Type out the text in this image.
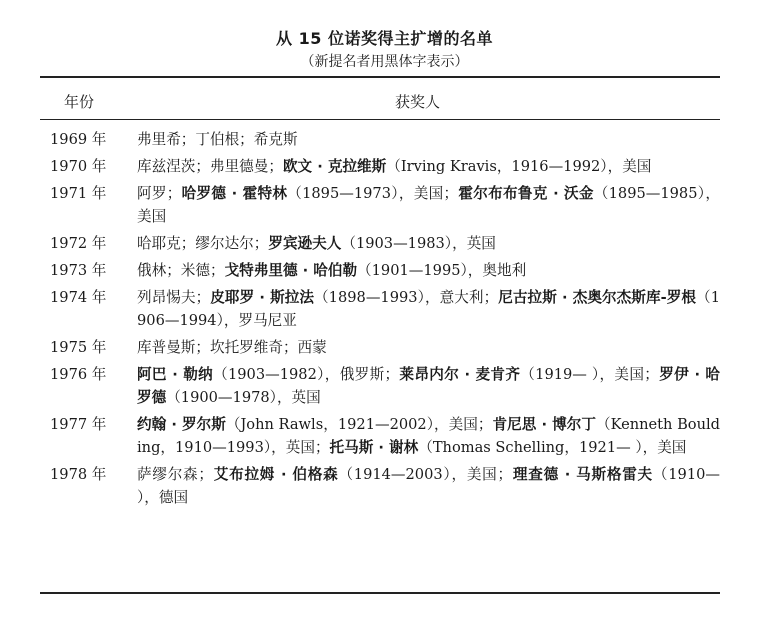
从 15 位诺奖得主扩增的名单
（新提名者用黑体字表示）
年份	获奖人
1969 年	弗里希；丁伯根；希克斯
1970 年	库兹涅茨；弗里德曼；欧文 · 克拉维斯（Irving Kravis，1916—1992），美国
1971 年	阿罗；哈罗德 · 霍特林（1895—1973），美国；霍尔布布鲁克 · 沃金（1895—1985），美国
1972 年	哈耶克；缪尔达尔；罗宾逊夫人（1903—1983），英国
1973 年	俄林；米德；戈特弗里德 · 哈伯勒（1901—1995），奥地利
1974 年	列昂惕夫；皮耶罗 · 斯拉法（1898—1993），意大利；尼古拉斯 · 杰奥尔杰斯库-罗根（1906—1994），罗马尼亚
1975 年	库普曼斯；坎托罗维奇；西蒙
1976 年	阿巴 · 勒纳（1903—1982），俄罗斯；莱昂内尔 · 麦肯齐（1919— ），美国；罗伊 · 哈罗德（1900—1978），英国
1977 年	约翰 · 罗尔斯（John Rawls，1921—2002），美国；肯尼思 · 博尔丁（Kenneth Boulding，1910—1993），英国；托马斯 · 谢林（Thomas Schelling，1921— ），美国
1978 年	萨缪尔森；艾布拉姆 · 伯格森（1914—2003），美国；理查德 · 马斯格雷夫（1910— ），德国
